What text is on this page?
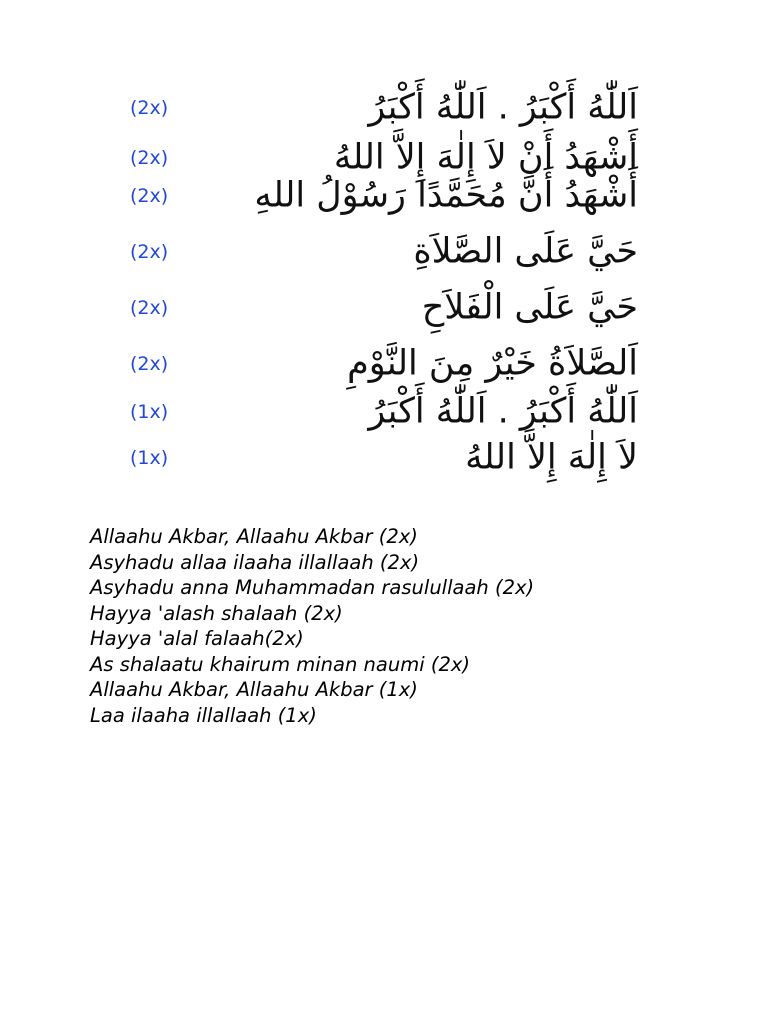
(2x)	اَللّٰهُ أَكْبَرُ . اَللّٰهُ أَكْبَرُ
(2x)	أَشْهَدُ أَنْ لاَ إِلٰهَ إِلاَّ اللهُ
(2x) أَشْهَدُ أَنَّ مُحَمَّدًا رَسُوْلُ اللهِ
(2x)	حَيَّ عَلَى الصَّلاَةِ
(2x)	حَيَّ عَلَى الْفَلاَحِ
(2x)	اَلصَّلاَةُ خَيْرٌ مِنَ النَّوْمِ
(1x)	اَللّٰهُ أَكْبَرُ . اَللّٰهُ أَكْبَرُ
(1x)	لاَ إِلٰهَ إِلاَّ اللهُ
Allaahu Akbar, Allaahu Akbar (2x)
Asyhadu allaa ilaaha illallaah (2x)
Asyhadu anna Muhammadan rasulullaah (2x)
Hayya 'alash shalaah (2x)
Hayya 'alal falaah(2x)
As shalaatu khairum minan naumi (2x)
Allaahu Akbar, Allaahu Akbar (1x)
Laa ilaaha illallaah (1x)
